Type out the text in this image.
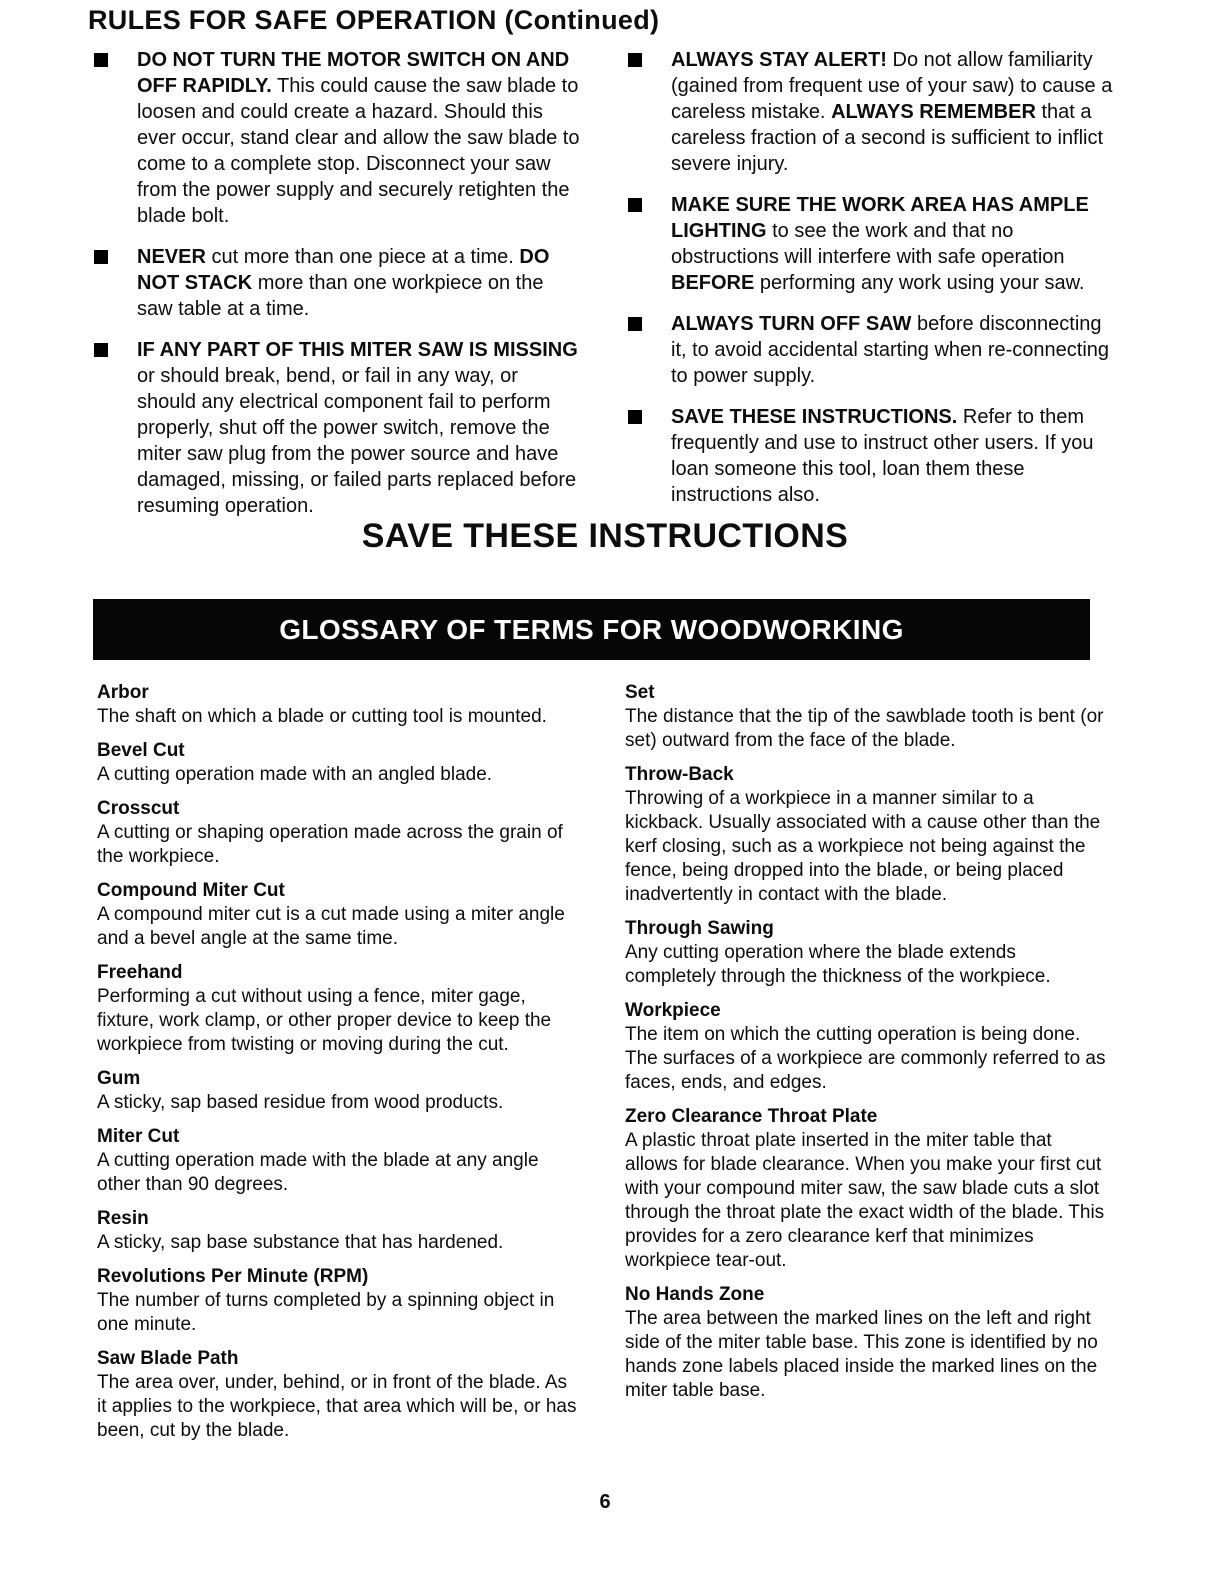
RULES FOR SAFE OPERATION (Continued)

DO NOT TURN THE MOTOR SWITCH ON AND OFF RAPIDLY. This could cause the saw blade to loosen and could create a hazard. Should this ever occur, stand clear and allow the saw blade to come to a complete stop. Disconnect your saw from the power supply and securely retighten the blade bolt.

NEVER cut more than one piece at a time. DO NOT STACK more than one workpiece on the saw table at a time.

IF ANY PART OF THIS MITER SAW IS MISSING or should break, bend, or fail in any way, or should any electrical component fail to perform properly, shut off the power switch, remove the miter saw plug from the power source and have damaged, missing, or failed parts replaced before resuming operation.

ALWAYS STAY ALERT! Do not allow familiarity (gained from frequent use of your saw) to cause a careless mistake. ALWAYS REMEMBER that a careless fraction of a second is sufficient to inflict severe injury.

MAKE SURE THE WORK AREA HAS AMPLE LIGHTING to see the work and that no obstructions will interfere with safe operation BEFORE performing any work using your saw.

ALWAYS TURN OFF SAW before disconnecting it, to avoid accidental starting when re-connecting to power supply.

SAVE THESE INSTRUCTIONS. Refer to them frequently and use to instruct other users. If you loan someone this tool, loan them these instructions also.

SAVE THESE INSTRUCTIONS
GLOSSARY OF TERMS FOR WOODWORKING
Arbor
The shaft on which a blade or cutting tool is mounted.
Bevel Cut
A cutting operation made with an angled blade.
Crosscut
A cutting or shaping operation made across the grain of the workpiece.
Compound Miter Cut
A compound miter cut is a cut made using a miter angle and a bevel angle at the same time.
Freehand
Performing a cut without using a fence, miter gage, fixture, work clamp, or other proper device to keep the workpiece from twisting or moving during the cut.
Gum
A sticky, sap based residue from wood products.
Miter Cut
A cutting operation made with the blade at any angle other than 90 degrees.
Resin
A sticky, sap base substance that has hardened.
Revolutions Per Minute (RPM)
The number of turns completed by a spinning object in one minute.
Saw Blade Path
The area over, under, behind, or in front of the blade. As it applies to the workpiece, that area which will be, or has been, cut by the blade.
Set
The distance that the tip of the sawblade tooth is bent (or set) outward from the face of the blade.
Throw-Back
Throwing of a workpiece in a manner similar to a kickback. Usually associated with a cause other than the kerf closing, such as a workpiece not being against the fence, being dropped into the blade, or being placed inadvertently in contact with the blade.
Through Sawing
Any cutting operation where the blade extends completely through the thickness of the workpiece.
Workpiece
The item on which the cutting operation is being done. The surfaces of a workpiece are commonly referred to as faces, ends, and edges.
Zero Clearance Throat Plate
A plastic throat plate inserted in the miter table that allows for blade clearance. When you make your first cut with your compound miter saw, the saw blade cuts a slot through the throat plate the exact width of the blade. This provides for a zero clearance kerf that minimizes workpiece tear-out.
No Hands Zone
The area between the marked lines on the left and right side of the miter table base. This zone is identified by no hands zone labels placed inside the marked lines on the miter table base.
6
